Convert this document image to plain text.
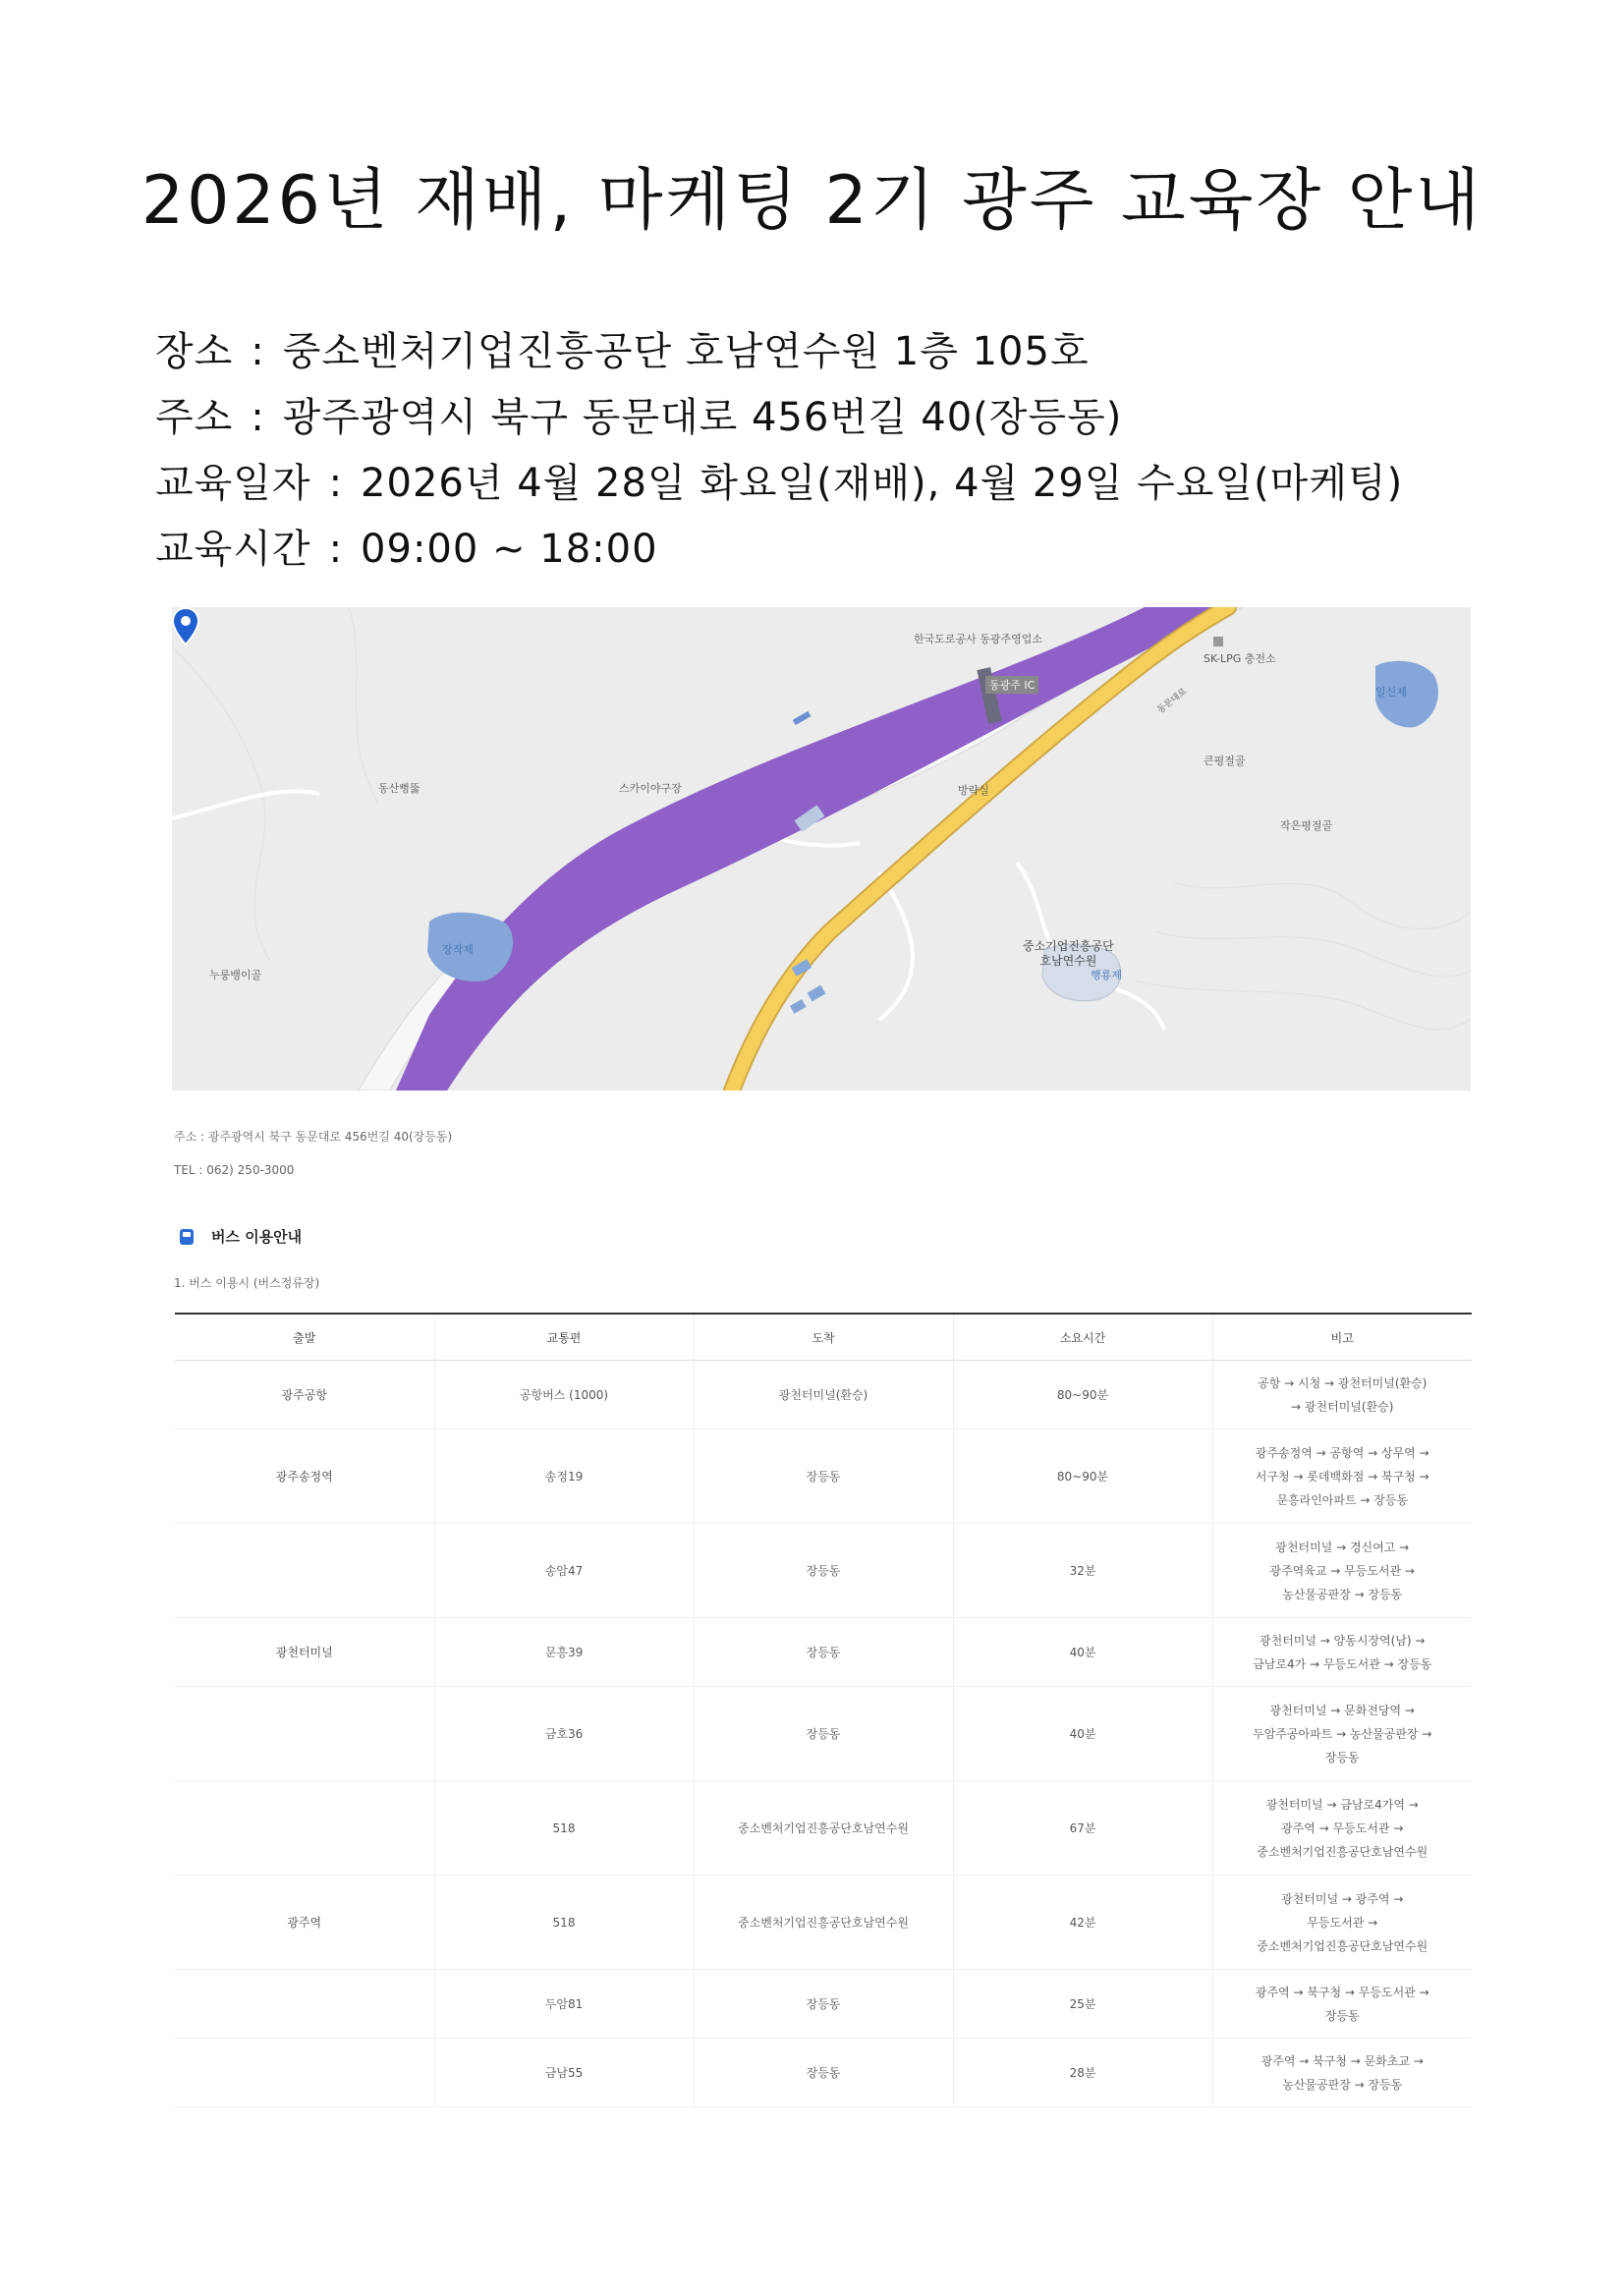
2026년 재배, 마케팅 2기 광주 교육장 안내
장소 : 중소벤처기업진흥공단 호남연수원 1층 105호
주소 : 광주광역시 북구 동문대로 456번길 40(장등동)
교육일자 : 2026년 4월 28일 화요일(재배), 4월 29일 수요일(마케팅)
교육시간 : 09:00 ~ 18:00
한국도로공사 동광주영업소
동광주 IC
SK-LPG 충전소
일신제
큰평절골
동산뻥뚫	스카이야구장	방략실
작은평절골
장작제
누룽뱅이골	행룡제
동문대로
중소기업진흥공단
호남연수원
주소 : 광주광역시 북구 동문대로 456번길 40(장등동)
TEL : 062) 250-3000
버스 이용안내
1. 버스 이용시 (버스정류장)
출발	교통편	도착	소요시간	비고
광주공항	공항버스 (1000)	광천터미널(환승)	80~90분	공항 → 시청 → 광천터미널(환승)
→ 광천터미널(환승)

광주송정역	송정19	장등동	80~90분	광주송정역 → 공항역 → 상무역 →
서구청 → 롯데백화점 → 북구청 →
문흥라인아파트 → 장등동

	송암47	장등동	32분	광천터미널 → 경신여고 →
광주역육교 → 무등도서관 →
농산물공판장 → 장등동

광천터미널	문흥39	장등동	40분	광천터미널 → 양동시장역(남) →
금남로4가 → 무등도서관 → 장등동

	금호36	장등동	40분	광천터미널 → 문화전당역 →
두암주공아파트 → 농산물공판장 →
장등동

	518	중소벤처기업진흥공단호남연수원	67분	광천터미널 → 금남로4가역 →
광주역 → 무등도서관 →
중소벤처기업진흥공단호남연수원

광주역	518	중소벤처기업진흥공단호남연수원	42분	광천터미널 → 광주역 →
무등도서관 →
중소벤처기업진흥공단호남연수원

	두암81	장등동	25분	광주역 → 북구청 → 무등도서관 →
장등동

	금남55	장등동	28분	광주역 → 북구청 → 문화초교 →
농산물공판장 → 장등동
